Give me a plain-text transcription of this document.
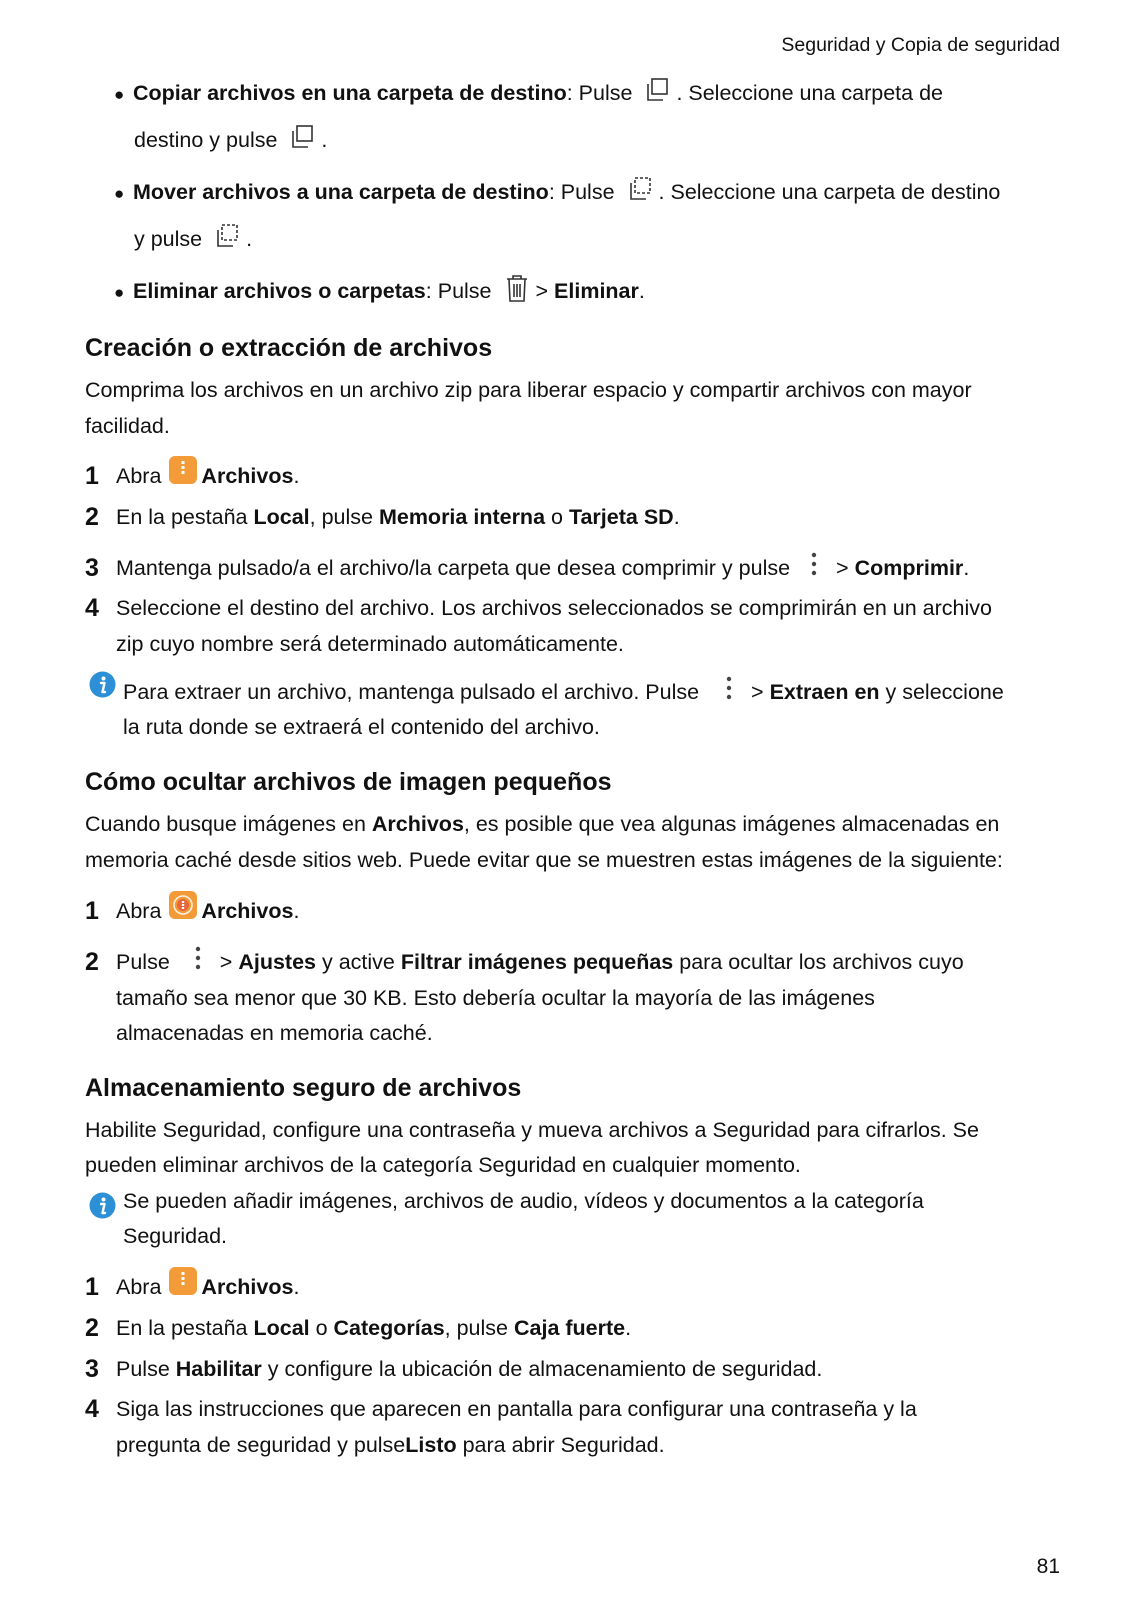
Seguridad y Copia de seguridad
● Copiar archivos en una carpeta de destino: Pulse . Seleccione una carpeta de
destino y pulse .
● Mover archivos a una carpeta de destino: Pulse . Seleccione una carpeta de destino
y pulse .
● Eliminar archivos o carpetas: Pulse > Eliminar.
Creación o extracción de archivos
Comprima los archivos en un archivo zip para liberar espacio y compartir archivos con mayor
facilidad.
1 Abra Archivos.
2 En la pestaña Local, pulse Memoria interna o Tarjeta SD.
3 Mantenga pulsado/a el archivo/la carpeta que desea comprimir y pulse > Comprimir.
4 Seleccione el destino del archivo. Los archivos seleccionados se comprimirán en un archivo
zip cuyo nombre será determinado automáticamente.
Para extraer un archivo, mantenga pulsado el archivo. Pulse > Extraen en y seleccione
la ruta donde se extraerá el contenido del archivo.
Cómo ocultar archivos de imagen pequeños
Cuando busque imágenes en Archivos, es posible que vea algunas imágenes almacenadas en
memoria caché desde sitios web. Puede evitar que se muestren estas imágenes de la siguiente:
1 Abra Archivos.
2 Pulse > Ajustes y active Filtrar imágenes pequeñas para ocultar los archivos cuyo
tamaño sea menor que 30 KB. Esto debería ocultar la mayoría de las imágenes
almacenadas en memoria caché.
Almacenamiento seguro de archivos
Habilite Seguridad, configure una contraseña y mueva archivos a Seguridad para cifrarlos. Se
pueden eliminar archivos de la categoría Seguridad en cualquier momento.
Se pueden añadir imágenes, archivos de audio, vídeos y documentos a la categoría
Seguridad.
1 Abra Archivos.
2 En la pestaña Local o Categorías, pulse Caja fuerte.
3 Pulse Habilitar y configure la ubicación de almacenamiento de seguridad.
4 Siga las instrucciones que aparecen en pantalla para configurar una contraseña y la
pregunta de seguridad y pulseListo para abrir Seguridad.
81
